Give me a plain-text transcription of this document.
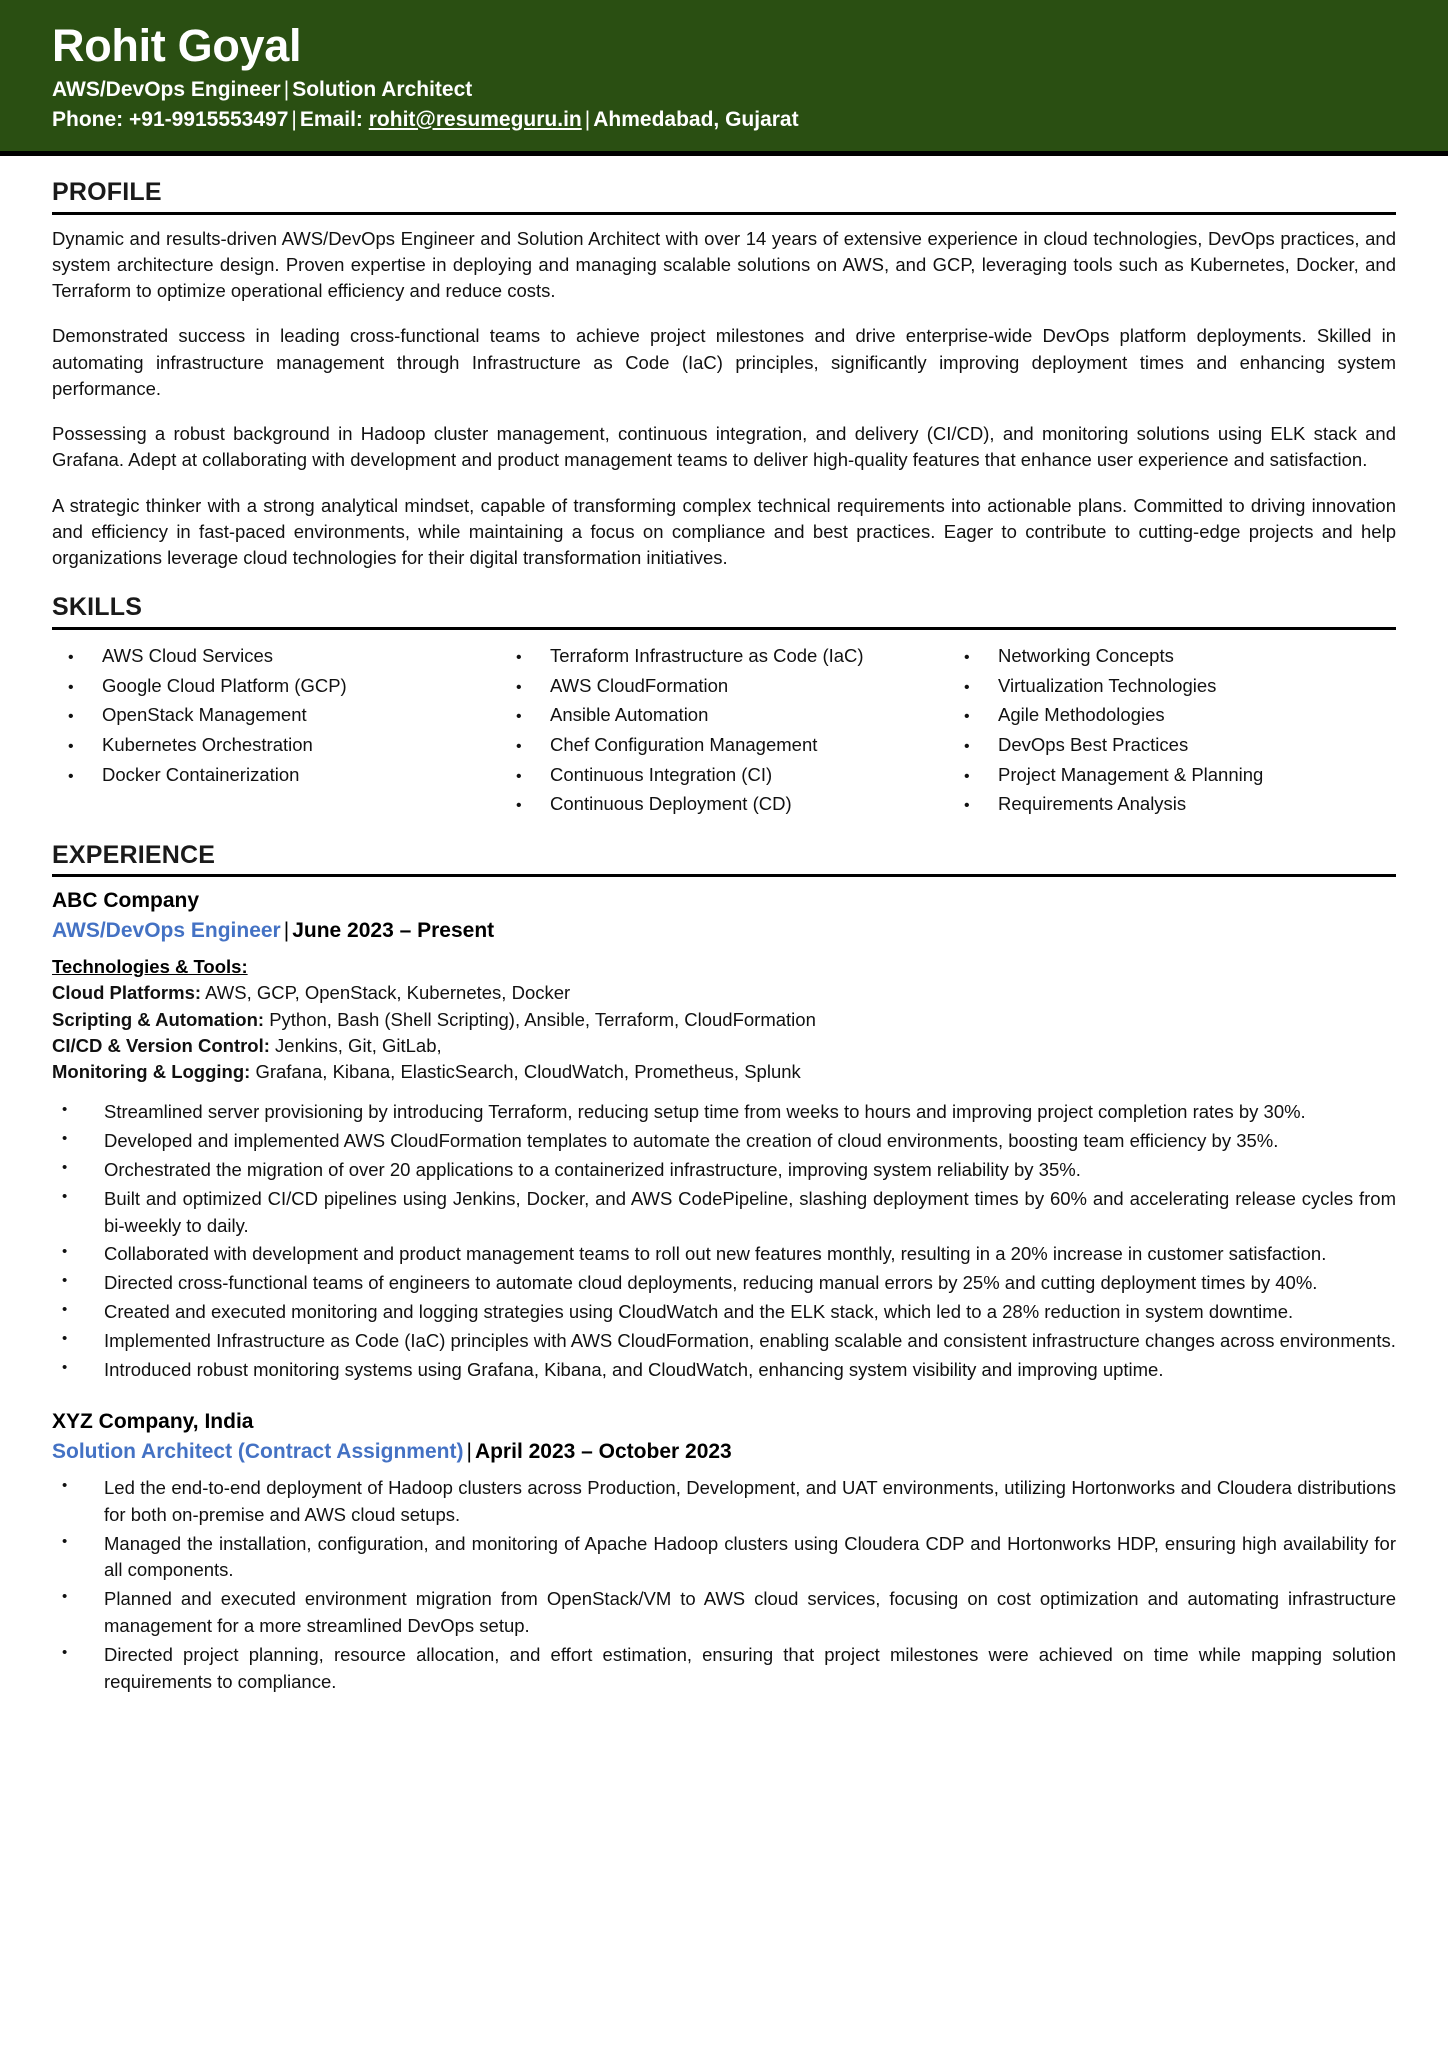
Rohit Goyal
AWS/DevOps Engineer | Solution Architect
Phone: +91-9915553497 | Email: rohit@resumeguru.in | Ahmedabad, Gujarat
PROFILE

Dynamic and results-driven AWS/DevOps Engineer and Solution Architect with over 14 years of extensive experience in cloud technologies, DevOps practices, and system architecture design. Proven expertise in deploying and managing scalable solutions on AWS, and GCP, leveraging tools such as Kubernetes, Docker, and Terraform to optimize operational efficiency and reduce costs.

Demonstrated success in leading cross-functional teams to achieve project milestones and drive enterprise-wide DevOps platform deployments. Skilled in automating infrastructure management through Infrastructure as Code (IaC) principles, significantly improving deployment times and enhancing system performance.

Possessing a robust background in Hadoop cluster management, continuous integration, and delivery (CI/CD), and monitoring solutions using ELK stack and Grafana. Adept at collaborating with development and product management teams to deliver high-quality features that enhance user experience and satisfaction.

A strategic thinker with a strong analytical mindset, capable of transforming complex technical requirements into actionable plans. Committed to driving innovation and efficiency in fast-paced environments, while maintaining a focus on compliance and best practices. Eager to contribute to cutting-edge projects and help organizations leverage cloud technologies for their digital transformation initiatives.

SKILLS
•	AWS Cloud Services
•	Google Cloud Platform (GCP)
•	OpenStack Management
•	Kubernetes Orchestration
•	Docker Containerization
•	Terraform Infrastructure as Code (IaC)
•	AWS CloudFormation
•	Ansible Automation
•	Chef Configuration Management
•	Continuous Integration (CI)
•	Continuous Deployment (CD)
•	Networking Concepts
•	Virtualization Technologies
•	Agile Methodologies
•	DevOps Best Practices
•	Project Management & Planning
•	Requirements Analysis
EXPERIENCE
ABC Company
AWS/DevOps Engineer | June 2023 – Present
Technologies & Tools:
Cloud Platforms: AWS, GCP, OpenStack, Kubernetes, Docker
Scripting & Automation: Python, Bash (Shell Scripting), Ansible, Terraform, CloudFormation
CI/CD & Version Control: Jenkins, Git, GitLab,
Monitoring & Logging: Grafana, Kibana, ElasticSearch, CloudWatch, Prometheus, Splunk
•	Streamlined server provisioning by introducing Terraform, reducing setup time from weeks to hours and improving project completion rates by 30%.
•	Developed and implemented AWS CloudFormation templates to automate the creation of cloud environments, boosting team efficiency by 35%.
•	Orchestrated the migration of over 20 applications to a containerized infrastructure, improving system reliability by 35%.
•	Built and optimized CI/CD pipelines using Jenkins, Docker, and AWS CodePipeline, slashing deployment times by 60% and accelerating release cycles from bi-weekly to daily.
•	Collaborated with development and product management teams to roll out new features monthly, resulting in a 20% increase in customer satisfaction.
•	Directed cross-functional teams of engineers to automate cloud deployments, reducing manual errors by 25% and cutting deployment times by 40%.
•	Created and executed monitoring and logging strategies using CloudWatch and the ELK stack, which led to a 28% reduction in system downtime.
•	Implemented Infrastructure as Code (IaC) principles with AWS CloudFormation, enabling scalable and consistent infrastructure changes across environments.
•	Introduced robust monitoring systems using Grafana, Kibana, and CloudWatch, enhancing system visibility and improving uptime.
XYZ Company, India
Solution Architect (Contract Assignment) | April 2023 – October 2023
•	Led the end-to-end deployment of Hadoop clusters across Production, Development, and UAT environments, utilizing Hortonworks and Cloudera distributions for both on-premise and AWS cloud setups.
•	Managed the installation, configuration, and monitoring of Apache Hadoop clusters using Cloudera CDP and Hortonworks HDP, ensuring high availability for all components.
•	Planned and executed environment migration from OpenStack/VM to AWS cloud services, focusing on cost optimization and automating infrastructure management for a more streamlined DevOps setup.
•	Directed project planning, resource allocation, and effort estimation, ensuring that project milestones were achieved on time while mapping solution requirements to compliance.
